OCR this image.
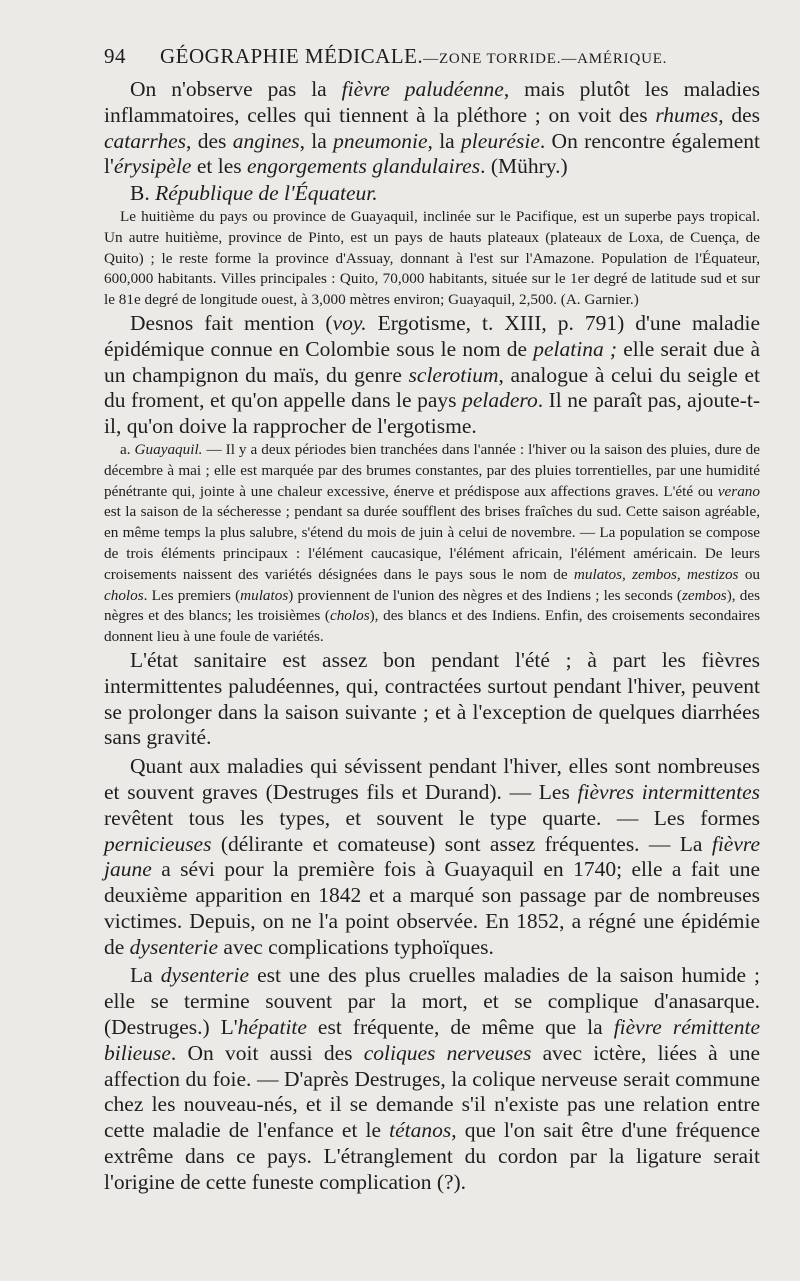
94 GÉOGRAPHIE MÉDICALE. — ZONE TORRIDE. — AMÉRIQUE.

On n'observe pas la fièvre paludéenne, mais plutôt les maladies inflammatoires, celles qui tiennent à la pléthore ; on voit des rhumes, des catarrhes, des angines, la pneumonie, la pleurésie. On rencontre également l'érysipèle et les engorgements glandulaires. (Mühry.)

B. République de l'Équateur.

Le huitième du pays ou province de Guayaquil, inclinée sur le Pacifique, est un superbe pays tropical. Un autre huitième, province de Pinto, est un pays de hauts plateaux (plateaux de Loxa, de Cuença, de Quito) ; le reste forme la province d'Assuay, donnant à l'est sur l'Amazone. Population de l'Équateur, 600,000 habitants. Villes principales : Quito, 70,000 habitants, située sur le 1er degré de latitude sud et sur le 81e degré de longitude ouest, à 3,000 mètres environ; Guayaquil, 2,500. (A. Garnier.)

Desnos fait mention (voy. Ergotisme, t. XIII, p. 791) d'une maladie épidémique connue en Colombie sous le nom de pelatina ; elle serait due à un champignon du maïs, du genre sclerotium, analogue à celui du seigle et du froment, et qu'on appelle dans le pays peladero. Il ne paraît pas, ajoute-t-il, qu'on doive la rapprocher de l'ergotisme.

a. Guayaquil. — Il y a deux périodes bien tranchées dans l'année : l'hiver ou la saison des pluies, dure de décembre à mai ; elle est marquée par des brumes constantes, par des pluies torrentielles, par une humidité pénétrante qui, jointe à une chaleur excessive, énerve et prédispose aux affections graves. L'été ou verano est la saison de la sécheresse ; pendant sa durée soufflent des brises fraîches du sud. Cette saison agréable, en même temps la plus salubre, s'étend du mois de juin à celui de novembre. — La population se compose de trois éléments principaux : l'élément caucasique, l'élément africain, l'élément américain. De leurs croisements naissent des variétés désignées dans le pays sous le nom de mulatos, zembos, mestizos ou cholos. Les premiers (mulatos) proviennent de l'union des nègres et des Indiens ; les seconds (zembos), des nègres et des blancs; les troisièmes (cholos), des blancs et des Indiens. Enfin, des croisements secondaires donnent lieu à une foule de variétés.

L'état sanitaire est assez bon pendant l'été ; à part les fièvres intermittentes paludéennes, qui, contractées surtout pendant l'hiver, peuvent se prolonger dans la saison suivante ; et à l'exception de quelques diarrhées sans gravité.

Quant aux maladies qui sévissent pendant l'hiver, elles sont nombreuses et souvent graves (Destruges fils et Durand). — Les fièvres intermittentes revêtent tous les types, et souvent le type quarte. — Les formes pernicieuses (délirante et comateuse) sont assez fréquentes. — La fièvre jaune a sévi pour la première fois à Guayaquil en 1740; elle a fait une deuxième apparition en 1842 et a marqué son passage par de nombreuses victimes. Depuis, on ne l'a point observée. En 1852, a régné une épidémie de dysenterie avec complications typhoïques.

La dysenterie est une des plus cruelles maladies de la saison humide ; elle se termine souvent par la mort, et se complique d'anasarque. (Destruges.) L'hépatite est fréquente, de même que la fièvre rémittente bilieuse. On voit aussi des coliques nerveuses avec ictère, liées à une affection du foie. — D'après Destruges, la colique nerveuse serait commune chez les nouveau-nés, et il se demande s'il n'existe pas une relation entre cette maladie de l'enfance et le tétanos, que l'on sait être d'une fréquence extrême dans ce pays. L'étranglement du cordon par la ligature serait l'origine de cette funeste complication (?).
